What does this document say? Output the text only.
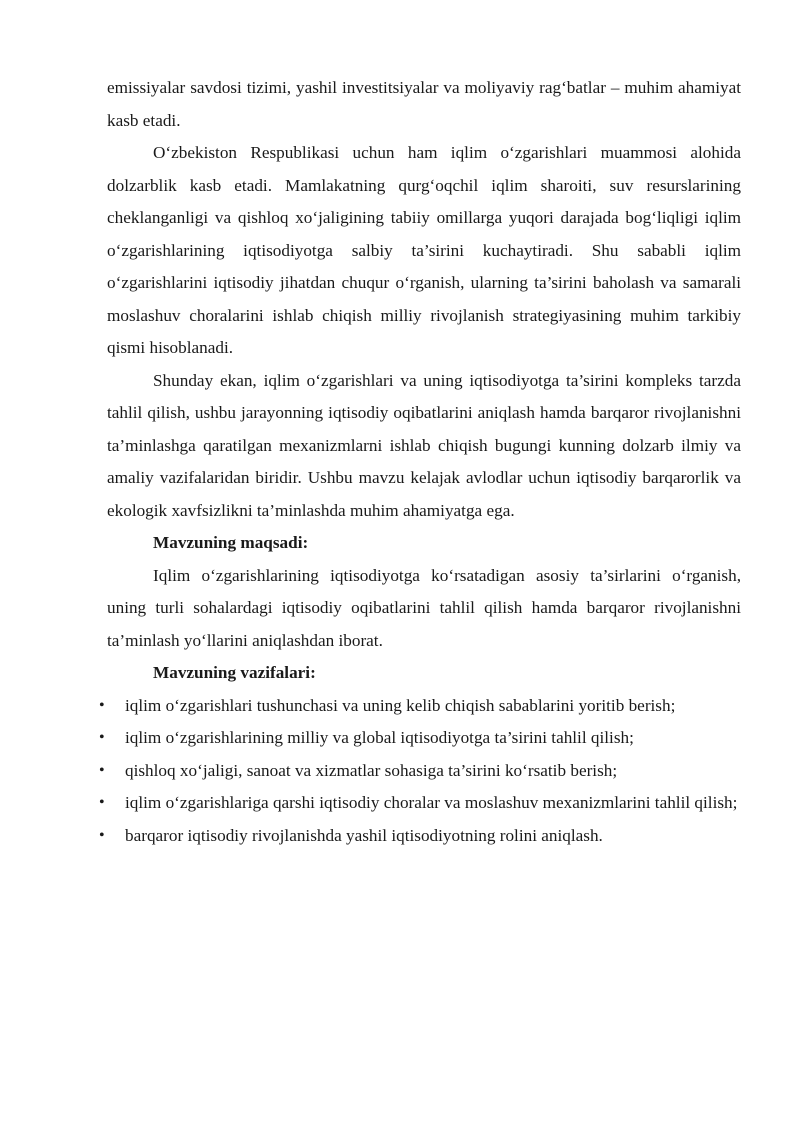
emissiyalar savdosi tizimi, yashil investitsiyalar va moliyaviy rag‘batlar – muhim ahamiyat kasb etadi.

O‘zbekiston Respublikasi uchun ham iqlim o‘zgarishlari muammosi alohida dolzarblik kasb etadi. Mamlakatning qurg‘oqchil iqlim sharoiti, suv resurslarining cheklanganligi va qishloq xo‘jaligining tabiiy omillarga yuqori darajada bog‘liqligi iqlim o‘zgarishlarining iqtisodiyotga salbiy ta’sirini kuchaytiradi. Shu sababli iqlim o‘zgarishlarini iqtisodiy jihatdan chuqur o‘rganish, ularning ta’sirini baholash va samarali moslashuv choralarini ishlab chiqish milliy rivojlanish strategiyasining muhim tarkibiy qismi hisoblanadi.

Shunday ekan, iqlim o‘zgarishlari va uning iqtisodiyotga ta’sirini kompleks tarzda tahlil qilish, ushbu jarayonning iqtisodiy oqibatlarini aniqlash hamda barqaror rivojlanishni ta’minlashga qaratilgan mexanizmlarni ishlab chiqish bugungi kunning dolzarb ilmiy va amaliy vazifalaridan biridir. Ushbu mavzu kelajak avlodlar uchun iqtisodiy barqarorlik va ekologik xavfsizlikni ta’minlashda muhim ahamiyatga ega.

Mavzuning maqsadi:

Iqlim o‘zgarishlarining iqtisodiyotga ko‘rsatadigan asosiy ta’sirlarini o‘rganish, uning turli sohalardagi iqtisodiy oqibatlarini tahlil qilish hamda barqaror rivojlanishni ta’minlash yo‘llarini aniqlashdan iborat.

Mavzuning vazifalari:

• iqlim o‘zgarishlari tushunchasi va uning kelib chiqish sabablarini yoritib berish;
• iqlim o‘zgarishlarining milliy va global iqtisodiyotga ta’sirini tahlil qilish;
• qishloq xo‘jaligi, sanoat va xizmatlar sohasiga ta’sirini ko‘rsatib berish;
• iqlim o‘zgarishlariga qarshi iqtisodiy choralar va moslashuv mexanizmlarini tahlil qilish;
• barqaror iqtisodiy rivojlanishda yashil iqtisodiyotning rolini aniqlash.
